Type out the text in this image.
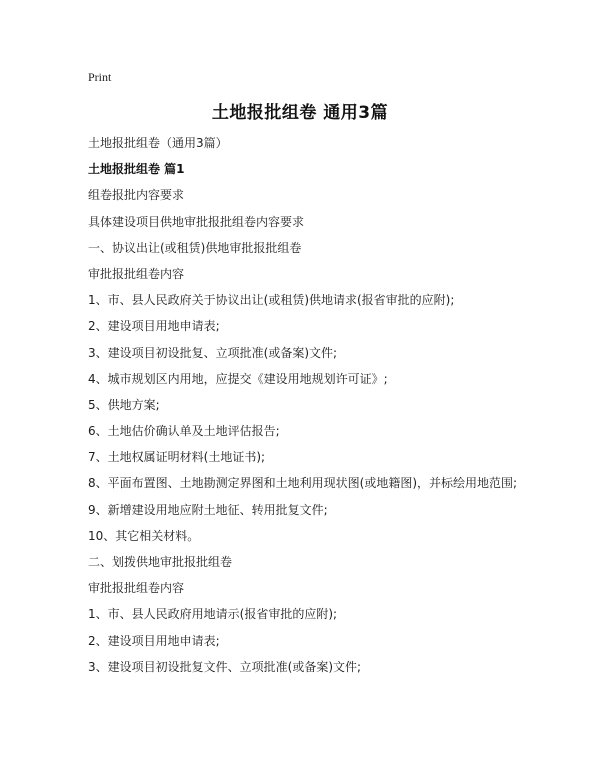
Print
土地报批组卷 通用3篇
土地报批组卷（通用3篇）
土地报批组卷 篇1
组卷报批内容要求
具体建设项目供地审批报批组卷内容要求
一、协议出让(或租赁)供地审批报批组卷
审批报批组卷内容
1、市、县人民政府关于协议出让(或租赁)供地请求(报省审批的应附);
2、建设项目用地申请表;
3、建设项目初设批复、立项批准(或备案)文件;
4、城市规划区内用地，应提交《建设用地规划许可证》;
5、供地方案;
6、土地估价确认单及土地评估报告;
7、土地权属证明材料(土地证书);
8、平面布置图、土地勘测定界图和土地利用现状图(或地籍图)，并标绘用地范围;
9、新增建设用地应附土地征、转用批复文件;
10、其它相关材料。
二、划拨供地审批报批组卷
审批报批组卷内容
1、市、县人民政府用地请示(报省审批的应附);
2、建设项目用地申请表;
3、建设项目初设批复文件、立项批准(或备案)文件;
